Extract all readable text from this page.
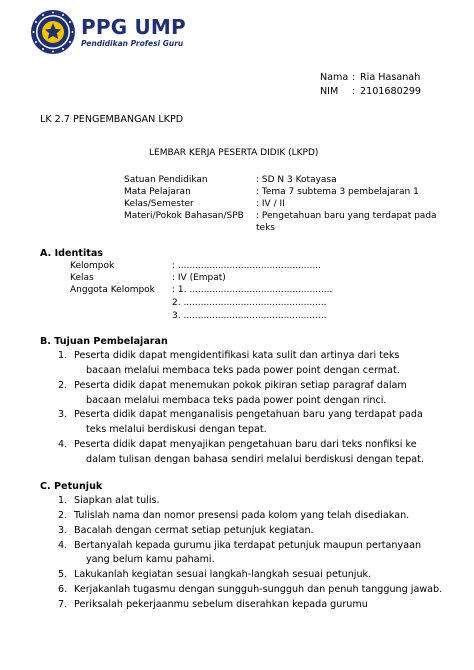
PPG UMP
Pendidikan Profesi Guru
Nama : Ria Hasanah
NIM : 2101680299
LK 2.7 PENGEMBANGAN LKPD
LEMBAR KERJA PESERTA DIDIK (LKPD)
Satuan Pendidikan	: SD N 3 Kotayasa
Mata Pelajaran	: Tema 7 subtema 3 pembelajaran 1
Kelas/Semester	: IV / II
Materi/Pokok Bahasan/SPB : Pengetahuan baru yang terdapat pada
teks
A. Identitas
Kelompok	: ..................................................
Kelas	: IV (Empat)
Anggota Kelompok : 1. ..................................................
2. ..................................................
3. ..................................................
B. Tujuan Pembelajaran
1. Peserta didik dapat mengidentifikasi kata sulit dan artinya dari teks
bacaan melalui membaca teks pada power point dengan cermat.
2. Peserta didik dapat menemukan pokok pikiran setiap paragraf dalam
bacaan melalui membaca teks pada power point dengan rinci.
3. Peserta didik dapat menganalisis pengetahuan baru yang terdapat pada
teks melalui berdiskusi dengan tepat.
4. Peserta didik dapat menyajikan pengetahuan baru dari teks nonfiksi ke
dalam tulisan dengan bahasa sendiri melalui berdiskusi dengan tepat.
C. Petunjuk
1. Siapkan alat tulis.
2. Tulislah nama dan nomor presensi pada kolom yang telah disediakan.
3. Bacalah dengan cermat setiap petunjuk kegiatan.
4. Bertanyalah kepada gurumu jika terdapat petunjuk maupun pertanyaan
yang belum kamu pahami.
5. Lakukanlah kegiatan sesuai langkah-langkah sesuai petunjuk.
6. Kerjakanlah tugasmu dengan sungguh-sungguh dan penuh tanggung jawab.
7. Periksalah pekerjaanmu sebelum diserahkan kepada gurumu
